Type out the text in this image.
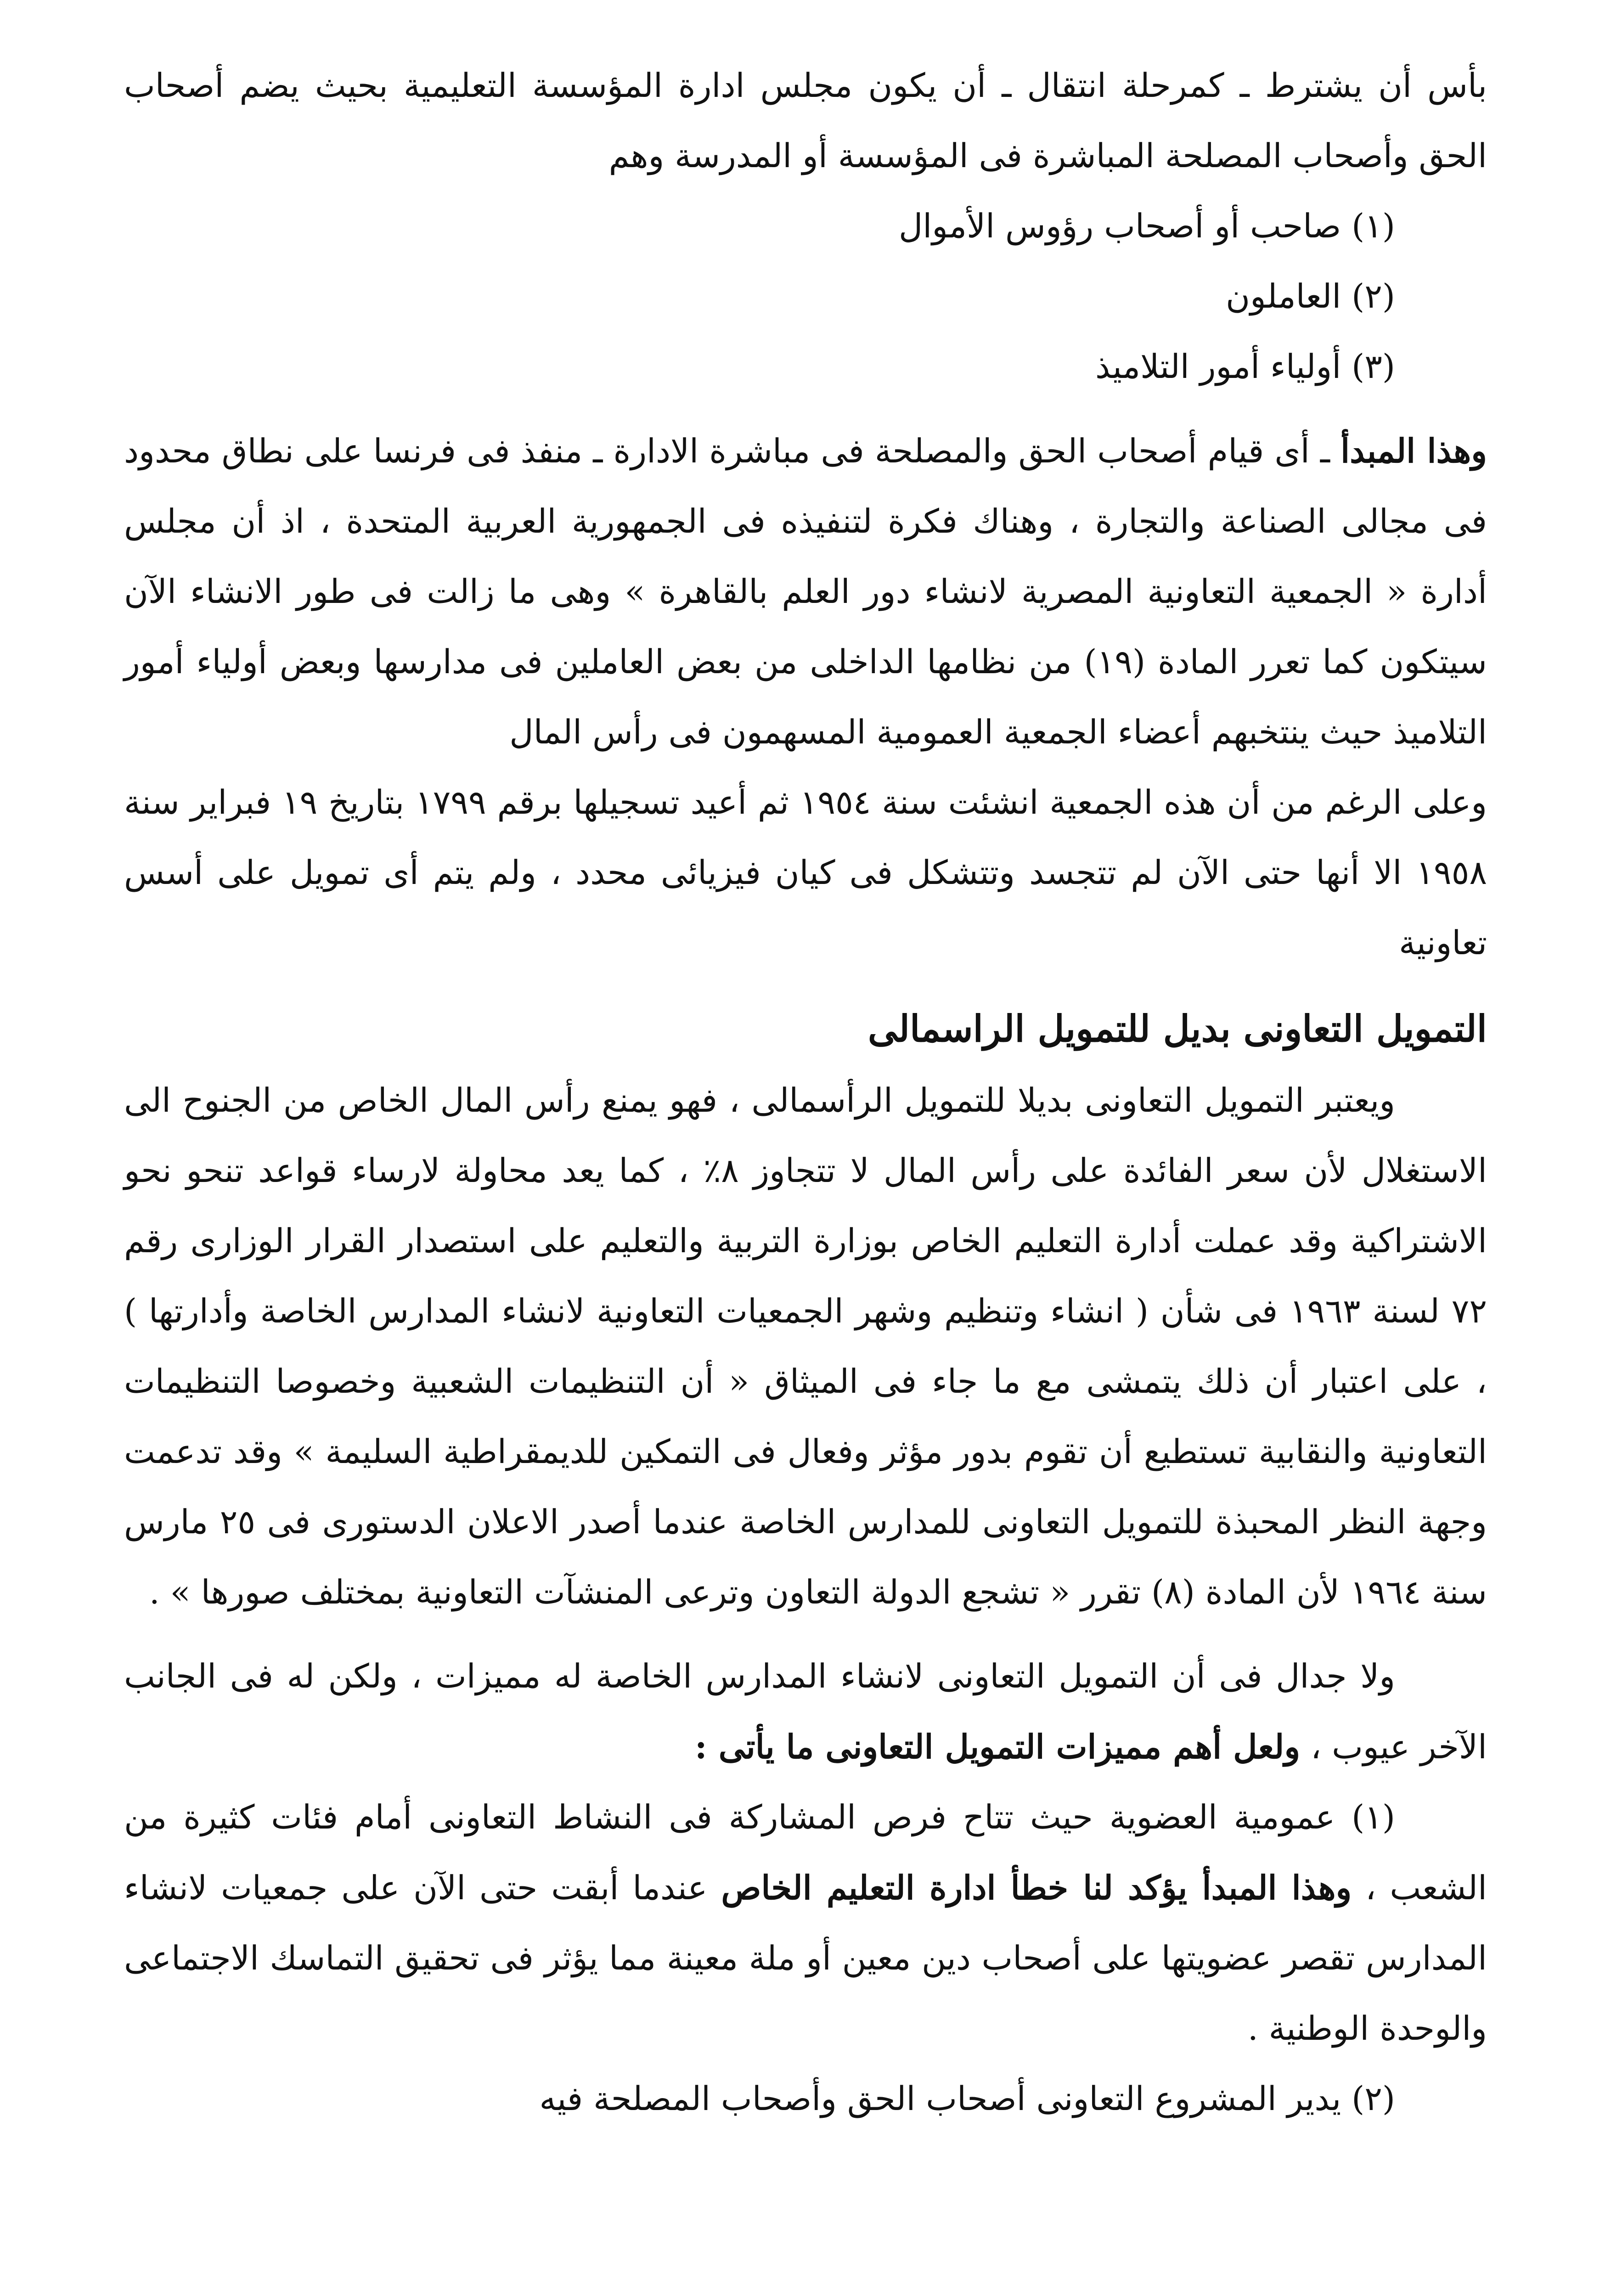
بأس أن يشترط ـ كمرحلة انتقال ـ أن يكون مجلس ادارة المؤسسة التعليمية بحيث يضم أصحاب الحق وأصحاب المصلحة المباشرة فى المؤسسة أو المدرسة وهم

(١) صاحب أو أصحاب رؤوس الأموال

(٢) العاملون

(٣) أولياء أمور التلاميذ

وهذا المبدأ ـ أى قيام أصحاب الحق والمصلحة فى مباشرة الادارة ـ منفذ فى فرنسا على نطاق محدود فى مجالى الصناعة والتجارة ، وهناك فكرة لتنفيذه فى الجمهورية العربية المتحدة ، اذ أن مجلس أدارة « الجمعية التعاونية المصرية لانشاء دور العلم بالقاهرة » وهى ما زالت فى طور الانشاء الآن سيتكون كما تعرر المادة (١٩) من نظامها الداخلى من بعض العاملين فى مدارسها وبعض أولياء أمور التلاميذ حيث ينتخبهم أعضاء الجمعية العمومية المسهمون فى رأس المال

وعلى الرغم من أن هذه الجمعية انشئت سنة ١٩٥٤ ثم أعيد تسجيلها برقم ١٧٩٩ بتاريخ ١٩ فبراير سنة ١٩٥٨ الا أنها حتى الآن لم تتجسد وتتشكل فى كيان فيزيائى محدد ، ولم يتم أى تمويل على أسس تعاونية

التمويل التعاونى بديل للتمويل الراسمالى

ويعتبر التمويل التعاونى بديلا للتمويل الرأسمالى ، فهو يمنع رأس المال الخاص من الجنوح الى الاستغلال لأن سعر الفائدة على رأس المال لا تتجاوز ٨٪ ، كما يعد محاولة لارساء قواعد تنحو نحو الاشتراكية وقد عملت أدارة التعليم الخاص بوزارة التربية والتعليم على استصدار القرار الوزارى رقم ٧٢ لسنة ١٩٦٣ فى شأن ( انشاء وتنظيم وشهر الجمعيات التعاونية لانشاء المدارس الخاصة وأدارتها ) ، على اعتبار أن ذلك يتمشى مع ما جاء فى الميثاق « أن التنظيمات الشعبية وخصوصا التنظيمات التعاونية والنقابية تستطيع أن تقوم بدور مؤثر وفعال فى التمكين للديمقراطية السليمة » وقد تدعمت وجهة النظر المحبذة للتمويل التعاونى للمدارس الخاصة عندما أصدر الاعلان الدستورى فى ٢٥ مارس سنة ١٩٦٤ لأن المادة (٨) تقرر « تشجع الدولة التعاون وترعى المنشآت التعاونية بمختلف صورها » .

ولا جدال فى أن التمويل التعاونى لانشاء المدارس الخاصة له مميزات ، ولكن له فى الجانب الآخر عيوب ، ولعل أهم مميزات التمويل التعاونى ما يأتى :

(١) عمومية العضوية حيث تتاح فرص المشاركة فى النشاط التعاونى أمام فئات كثيرة من الشعب ، وهذا المبدأ يؤكد لنا خطأ ادارة التعليم الخاص عندما أبقت حتى الآن على جمعيات لانشاء المدارس تقصر عضويتها على أصحاب دين معين أو ملة معينة مما يؤثر فى تحقيق التماسك الاجتماعى والوحدة الوطنية .

(٢) يدير المشروع التعاونى أصحاب الحق وأصحاب المصلحة فيه
